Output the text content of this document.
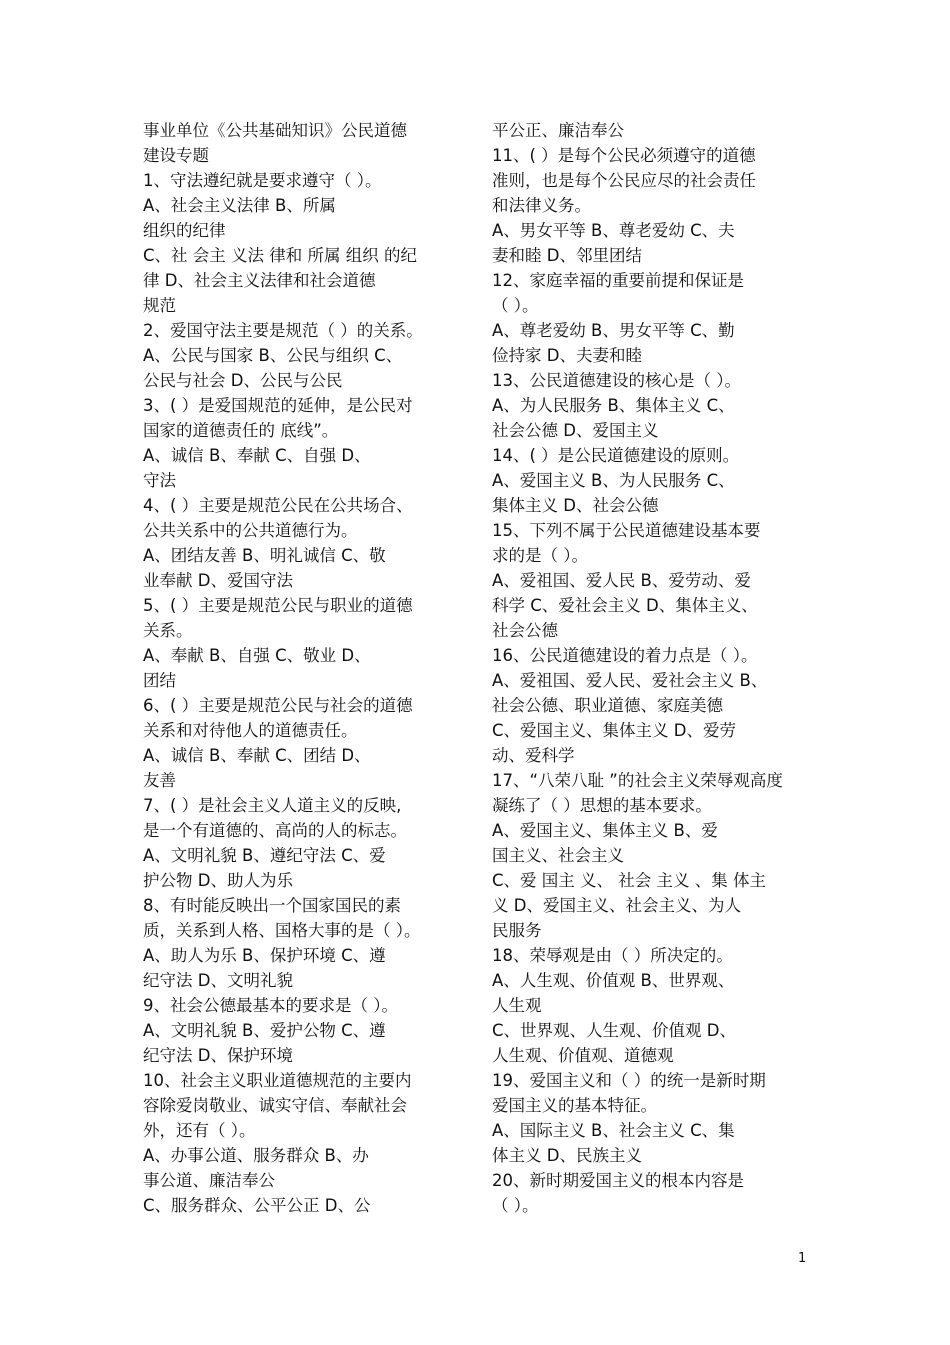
事业单位《公共基础知识》公民道德
建设专题
1、守法遵纪就是要求遵守（ ）。
A、社会主义法律 B、所属
组织的纪律
C、社 会主 义法 律和 所属 组织 的纪
律 D、社会主义法律和社会道德
规范
2、爱国守法主要是规范（ ）的关系。
A、公民与国家 B、公民与组织 C、
公民与社会 D、公民与公民
3、( ）是爱国规范的延伸，是公民对
国家的道德责任的 底线”。
A、诚信 B、奉献 C、自强 D、
守法
4、( ）主要是规范公民在公共场合、
公共关系中的公共道德行为。
A、团结友善 B、明礼诚信 C、敬
业奉献 D、爱国守法
5、( ）主要是规范公民与职业的道德
关系。
A、奉献 B、自强 C、敬业 D、
团结
6、( ）主要是规范公民与社会的道德
关系和对待他人的道德责任。
A、诚信 B、奉献 C、团结 D、
友善
7、( ）是社会主义人道主义的反映,
是一个有道德的、高尚的人的标志。
A、文明礼貌 B、遵纪守法 C、爱
护公物 D、助人为乐
8、有时能反映出一个国家国民的素
质，关系到人格、国格大事的是（ ）。
A、助人为乐 B、保护环境 C、遵
纪守法 D、文明礼貌
9、社会公德最基本的要求是（ ）。
A、文明礼貌 B、爱护公物 C、遵
纪守法 D、保护环境
10、社会主义职业道德规范的主要内
容除爱岗敬业、诚实守信、奉献社会
外，还有（ ）。
A、办事公道、服务群众 B、办
事公道、廉洁奉公
C、服务群众、公平公正 D、公
平公正、廉洁奉公
11、( ）是每个公民必须遵守的道德
准则，也是每个公民应尽的社会责任
和法律义务。
A、男女平等 B、尊老爱幼 C、夫
妻和睦 D、邻里团结
12、家庭幸福的重要前提和保证是
（ ）。
A、尊老爱幼 B、男女平等 C、勤
俭持家 D、夫妻和睦
13、公民道德建设的核心是（ ）。
A、为人民服务 B、集体主义 C、
社会公德 D、爱国主义
14、( ）是公民道德建设的原则。
A、爱国主义 B、为人民服务 C、
集体主义 D、社会公德
15、下列不属于公民道德建设基本要
求的是（ ）。
A、爱祖国、爱人民 B、爱劳动、爱
科学 C、爱社会主义 D、集体主义、
社会公德
16、公民道德建设的着力点是（ ）。
A、爱祖国、爱人民、爱社会主义 B、
社会公德、职业道德、家庭美德
C、爱国主义、集体主义 D、爱劳
动、爱科学
17、“八荣八耻 ”的社会主义荣辱观高度
凝练了（ ）思想的基本要求。
A、爱国主义、集体主义 B、爱
国主义、社会主义
C、爱 国主 义、 社会 主义 、集 体主
义 D、爱国主义、社会主义、为人
民服务
18、荣辱观是由（ ）所决定的。
A、人生观、价值观 B、世界观、
人生观
C、世界观、人生观、价值观 D、
人生观、价值观、道德观
19、爱国主义和（ ）的统一是新时期
爱国主义的基本特征。
A、国际主义 B、社会主义 C、集
体主义 D、民族主义
20、新时期爱国主义的根本内容是
（ ）。
1
